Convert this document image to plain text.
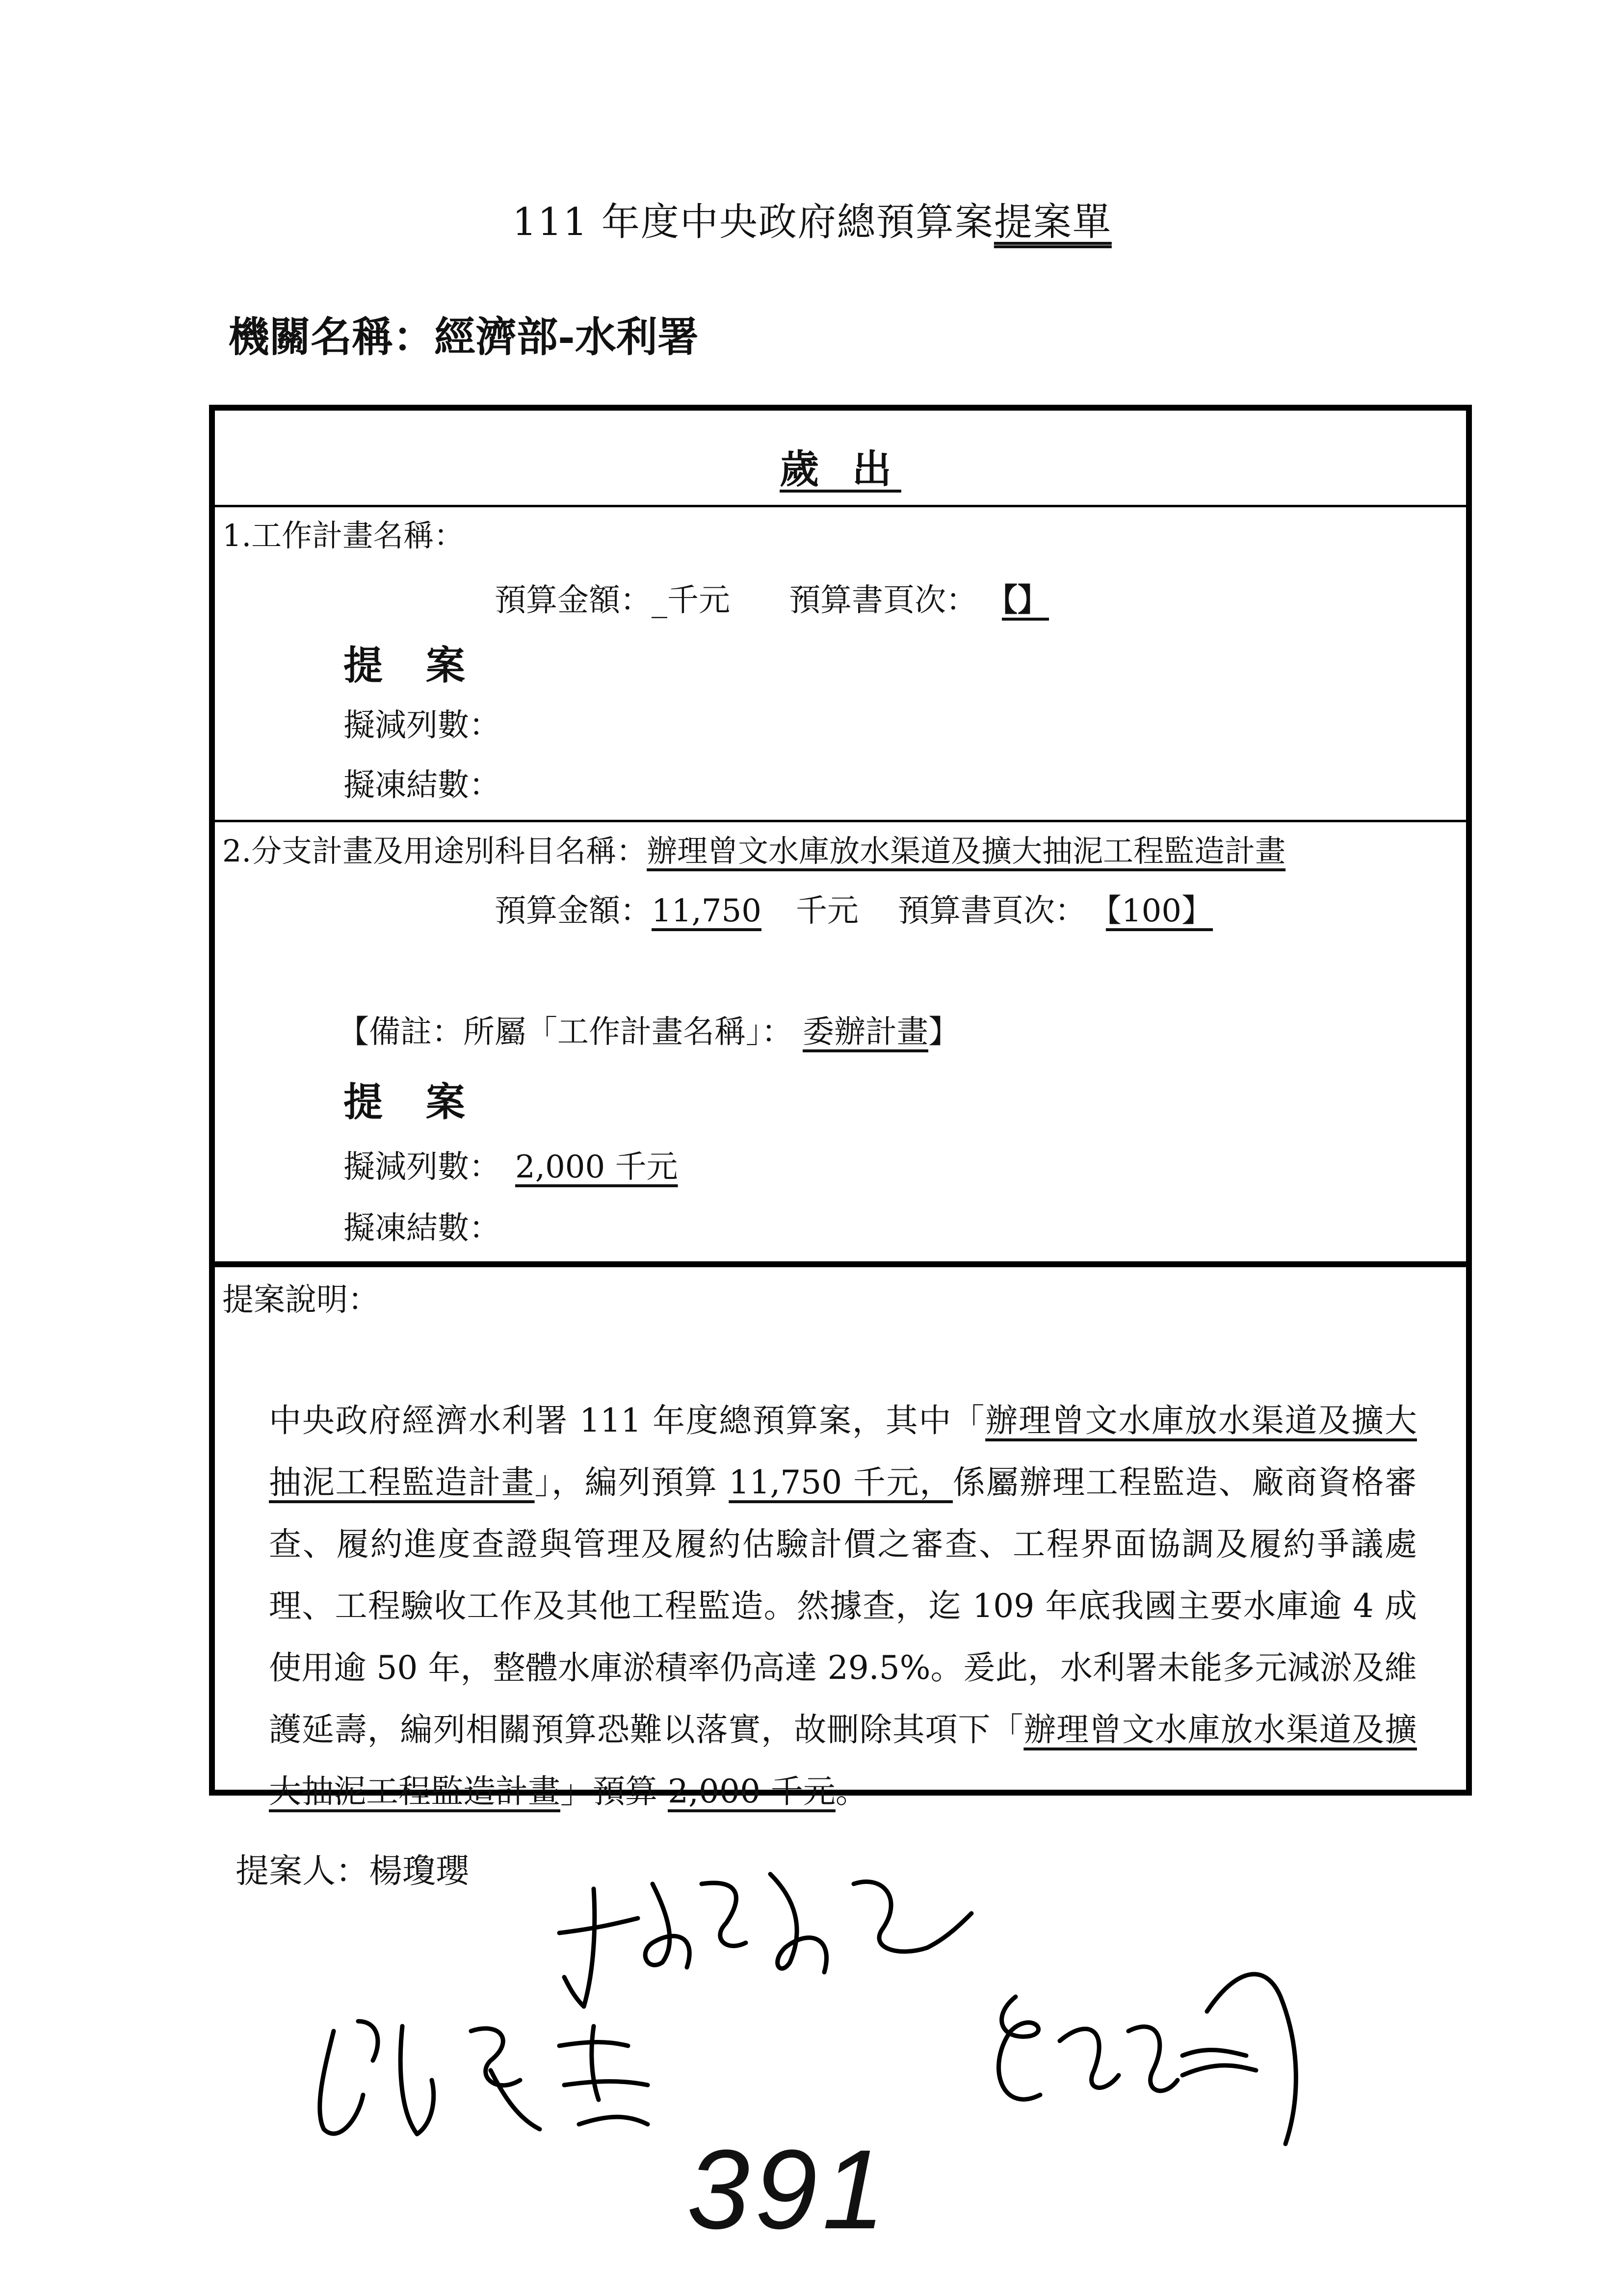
111 年度中央政府總預算案提案單
機關名稱：經濟部-水利署
歲 出
1.工作計畫名稱：
預算金額：_千元 預算書頁次： 【】
提 案
擬減列數：
擬凍結數：
2.分支計畫及用途別科目名稱：辦理曾文水庫放水渠道及擴大抽泥工程監造計畫
預算金額：11,750 千元 預算書頁次： 【100】
【備註：所屬「工作計畫名稱」： 委辦計畫】
提 案
擬減列數： 2,000 千元
擬凍結數：
提案說明：
中央政府經濟水利署 111 年度總預算案，其中「辦理曾文水庫放水渠道及擴大抽泥工程監造計畫」，編列預算 11,750 千元，係屬辦理工程監造、廠商資格審查、履約進度查證與管理及履約估驗計價之審查、工程界面協調及履約爭議處理、工程驗收工作及其他工程監造。然據查，迄 109 年底我國主要水庫逾 4 成使用逾 50 年，整體水庫淤積率仍高達 29.5%。爰此，水利署未能多元減淤及維護延壽，編列相關預算恐難以落實，故刪除其項下「辦理曾文水庫放水渠道及擴大抽泥工程監造計畫」預算 2,000 千元。
提案人：楊瓊瓔
391
